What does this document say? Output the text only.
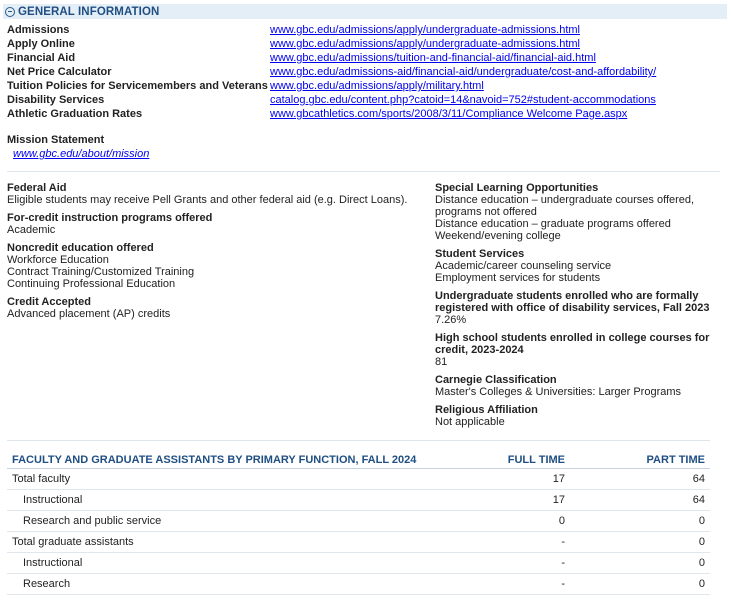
GENERAL INFORMATION
Admissions	www.gbc.edu/admissions/apply/undergraduate-admissions.html
Apply Online	www.gbc.edu/admissions/apply/undergraduate-admissions.html
Financial Aid	www.gbc.edu/admissions/tuition-and-financial-aid/financial-aid.html
Net Price Calculator	www.gbc.edu/admissions-aid/financial-aid/undergraduate/cost-and-affordability/
Tuition Policies for Servicemembers and Veterans www.gbc.edu/admissions/apply/military.html
Disability Services	catalog.gbc.edu/content.php?catoid=14&navoid=752#student-accommodations
Athletic Graduation Rates	www.gbcathletics.com/sports/2008/3/11/Compliance Welcome Page.aspx
Mission Statement
www.gbc.edu/about/mission
Federal Aid
Eligible students may receive Pell Grants and other federal aid (e.g. Direct Loans).
For-credit instruction programs offered
Academic
Noncredit education offered
Workforce Education
Contract Training/Customized Training
Continuing Professional Education
Credit Accepted
Advanced placement (AP) credits
Special Learning Opportunities
Distance education – undergraduate courses offered,
programs not offered
Distance education – graduate programs offered
Weekend/evening college
Student Services
Academic/career counseling service
Employment services for students
Undergraduate students enrolled who are formally
registered with office of disability services, Fall 2023
7.26%
High school students enrolled in college courses for
credit, 2023-2024
81
Carnegie Classification
Master's Colleges & Universities: Larger Programs
Religious Affiliation
Not applicable
FACULTY AND GRADUATE ASSISTANTS BY PRIMARY FUNCTION, FALL 2024	FULL TIME	PART TIME
Total faculty	17	64
Instructional	17	64
Research and public service	0	0
Total graduate assistants	-	0
Instructional	-	0
Research	-	0
